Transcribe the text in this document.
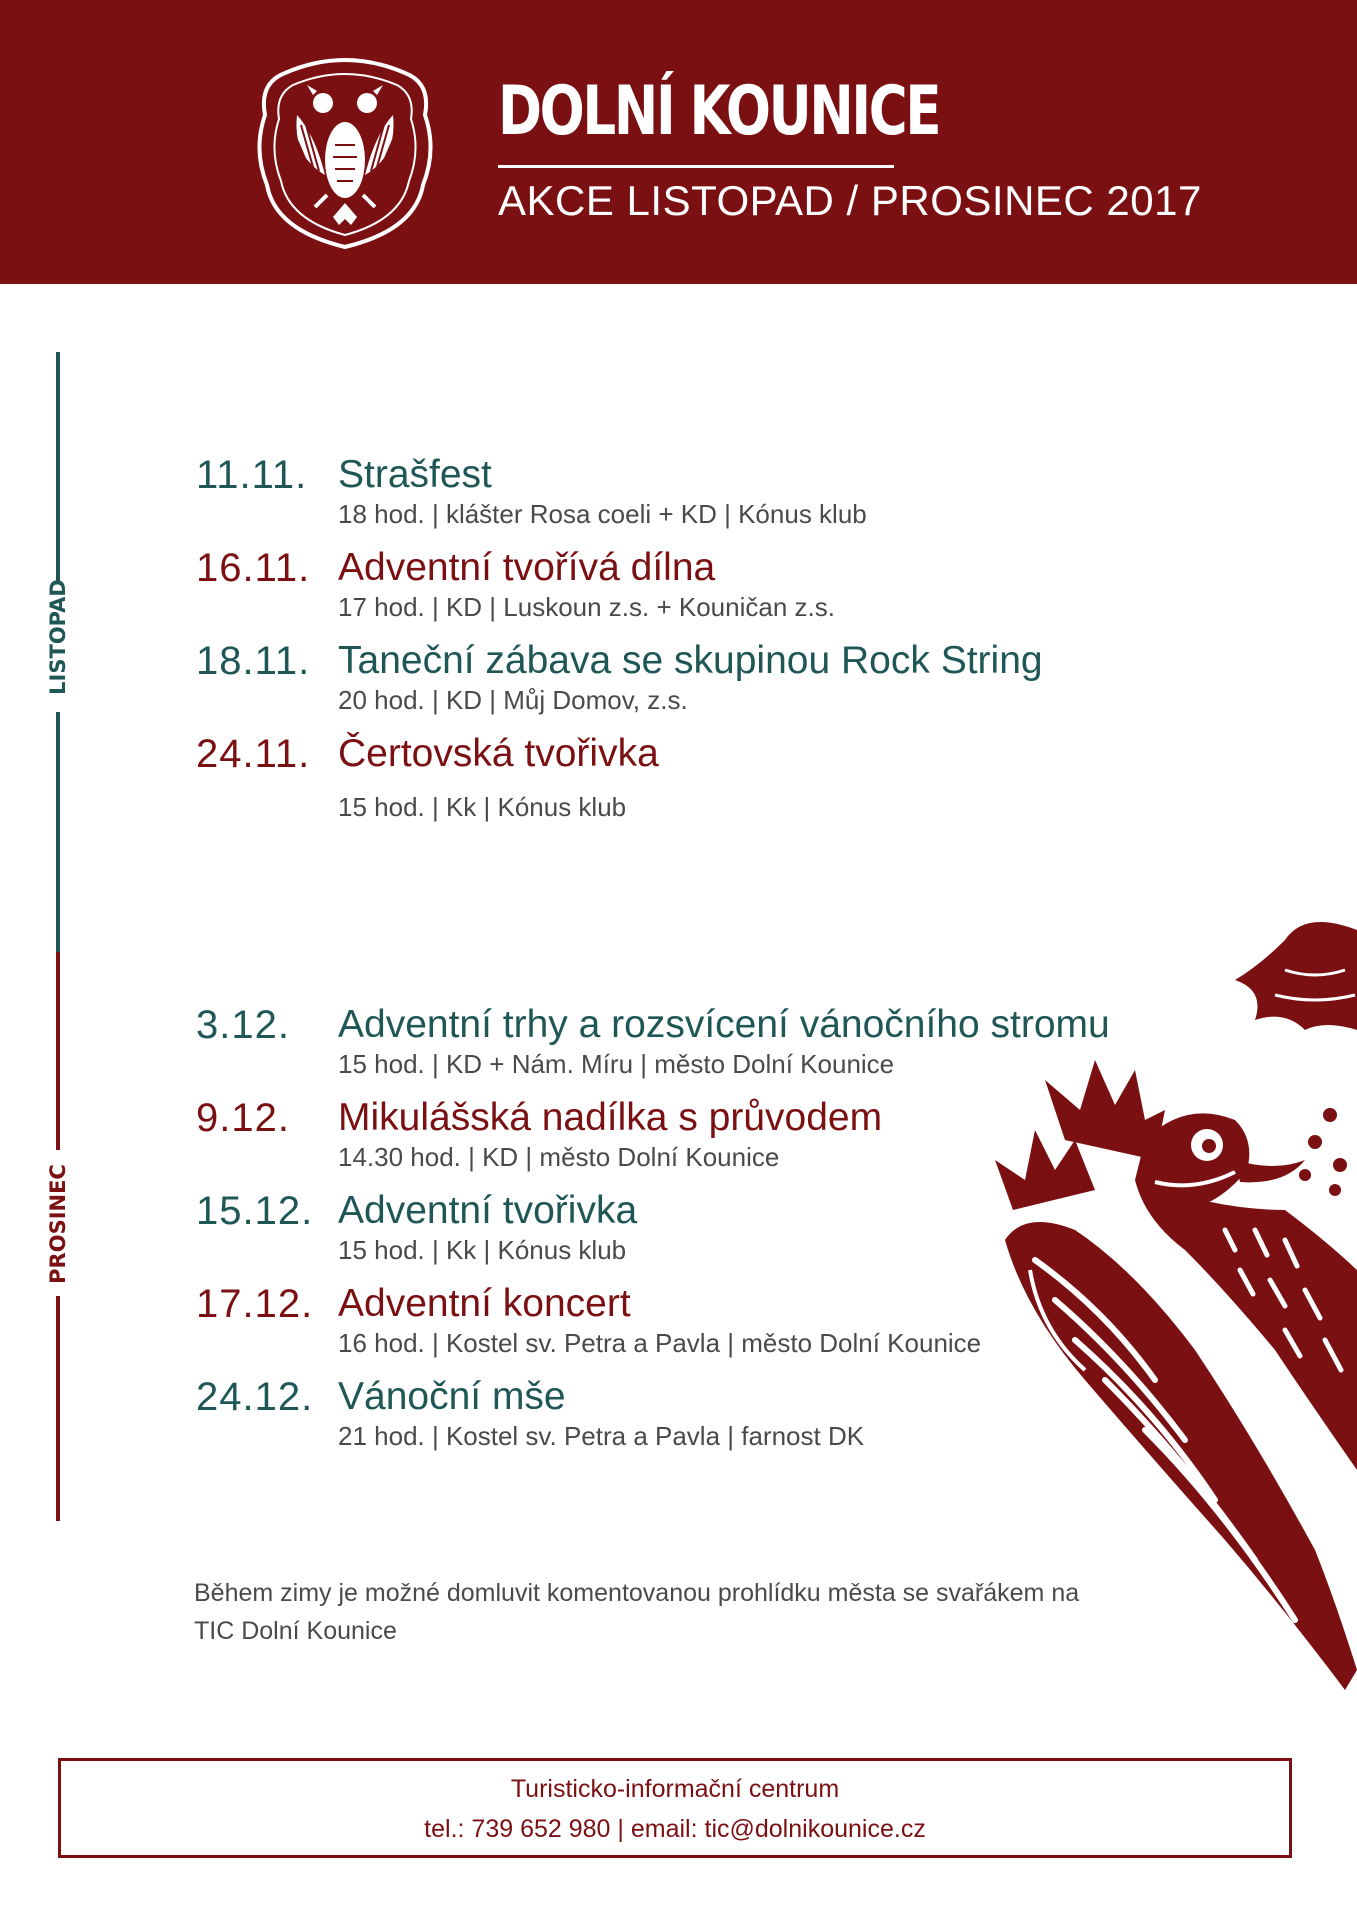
DOLNÍ KOUNICE
AKCE LISTOPAD / PROSINEC 2017
LISTOPAD
PROSINEC
11.11. Strašfest
18 hod. | klášter Rosa coeli + KD | Kónus klub
16.11. Adventní tvořívá dílna
17 hod. | KD | Luskoun z.s. + Kouničan z.s.
18.11. Taneční zábava se skupinou Rock String
20 hod. | KD | Můj Domov, z.s.
24.11. Čertovská tvořivka
15 hod. | Kk | Kónus klub
3.12. Adventní trhy a rozsvícení vánočního stromu
15 hod. | KD + Nám. Míru | město Dolní Kounice
9.12. Mikulášská nadílka s průvodem
14.30 hod. | KD | město Dolní Kounice
15.12. Adventní tvořivka
15 hod. | Kk | Kónus klub
17.12. Adventní koncert
16 hod. | Kostel sv. Petra a Pavla | město Dolní Kounice
24.12. Vánoční mše
21 hod. | Kostel sv. Petra a Pavla | farnost DK
Během zimy je možné domluvit komentovanou prohlídku města se svařákem na TIC Dolní Kounice
Turisticko-informační centrum
tel.: 739 652 980 | email: tic@dolnikounice.cz
